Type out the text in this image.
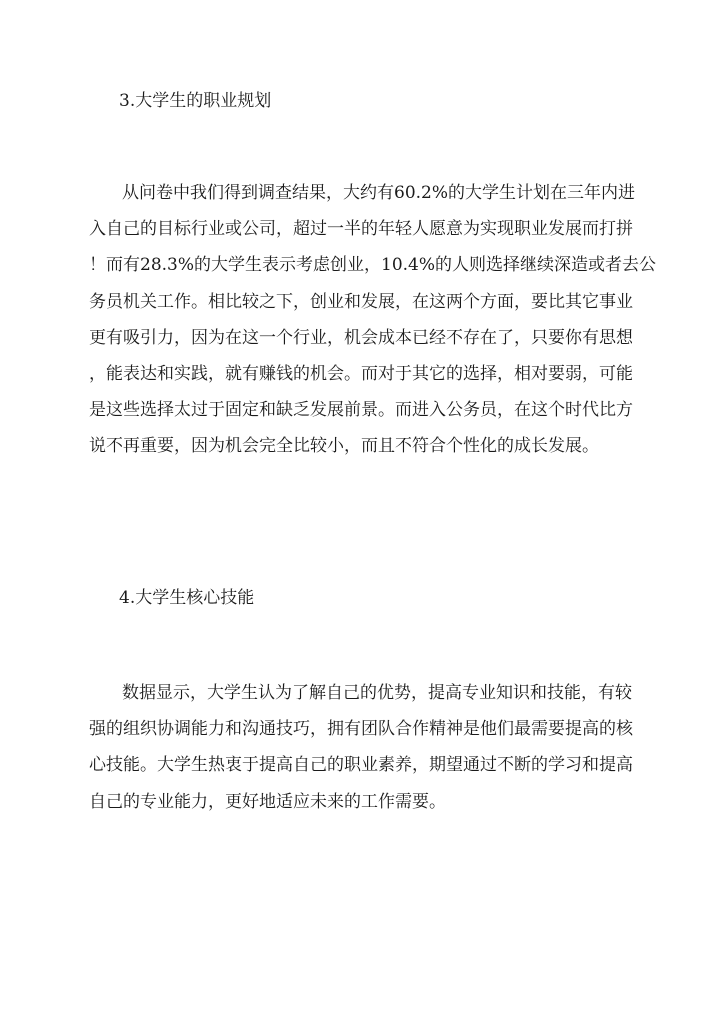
3.大学生的职业规划
从问卷中我们得到调查结果，大约有60.2%的大学生计划在三年内进
入自己的目标行业或公司，超过一半的年轻人愿意为实现职业发展而打拼
！而有28.3%的大学生表示考虑创业，10.4%的人则选择继续深造或者去公
务员机关工作。相比较之下，创业和发展，在这两个方面，要比其它事业
更有吸引力，因为在这一个行业，机会成本已经不存在了，只要你有思想
，能表达和实践，就有赚钱的机会。而对于其它的选择，相对要弱，可能
是这些选择太过于固定和缺乏发展前景。而进入公务员，在这个时代比方
说不再重要，因为机会完全比较小，而且不符合个性化的成长发展。
4.大学生核心技能
数据显示，大学生认为了解自己的优势，提高专业知识和技能，有较
强的组织协调能力和沟通技巧，拥有团队合作精神是他们最需要提高的核
心技能。大学生热衷于提高自己的职业素养，期望通过不断的学习和提高
自己的专业能力，更好地适应未来的工作需要。
